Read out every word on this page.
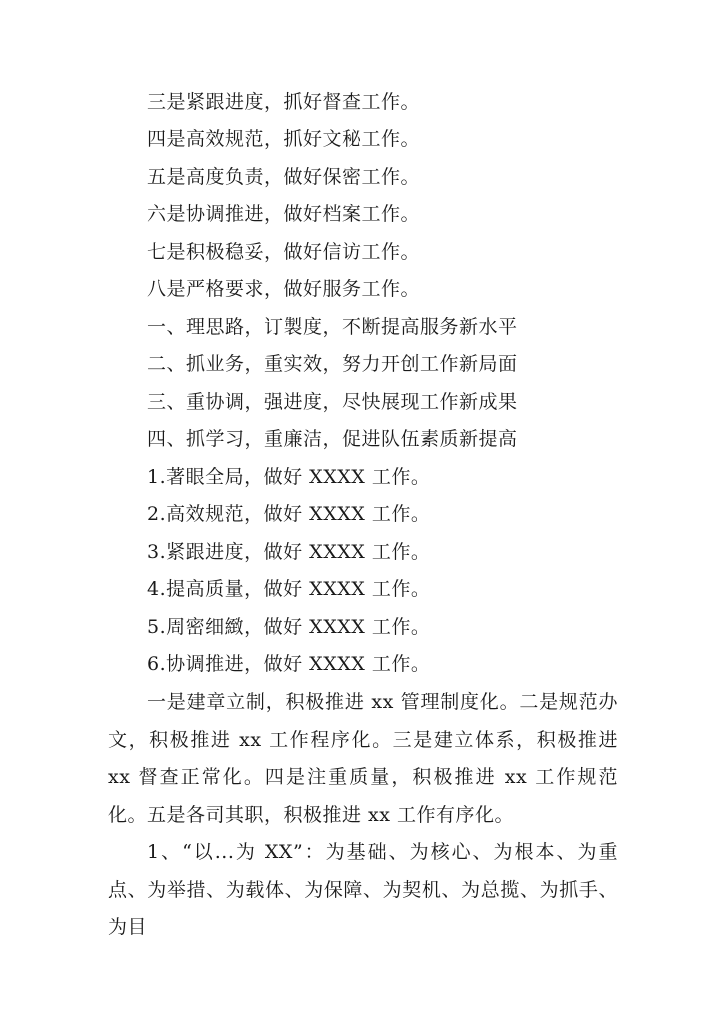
三是紧跟进度，抓好督查工作。
四是高效规范，抓好文秘工作。
五是高度负责，做好保密工作。
六是协调推进，做好档案工作。
七是积极稳妥，做好信访工作。
八是严格要求，做好服务工作。
一、理思路，订製度，不断提高服务新水平
二、抓业务，重实效，努力开创工作新局面
三、重协调，强进度，尽快展现工作新成果
四、抓学习，重廉洁，促进队伍素质新提高
1.著眼全局，做好 XXXX 工作。
2.高效规范，做好 XXXX 工作。
3.紧跟进度，做好 XXXX 工作。
4.提高质量，做好 XXXX 工作。
5.周密细緻，做好 XXXX 工作。
6.协调推进，做好 XXXX 工作。
一是建章立制，积极推进 xx 管理制度化。二是规范办文，积极推进 xx 工作程序化。三是建立体系，积极推进 xx 督查正常化。四是注重质量，积极推进 xx 工作规范化。五是各司其职，积极推进 xx 工作有序化。
1、“以...为 XX”：为基础、为核心、为根本、为重点、为举措、为载体、为保障、为契机、为总揽、为抓手、为目
